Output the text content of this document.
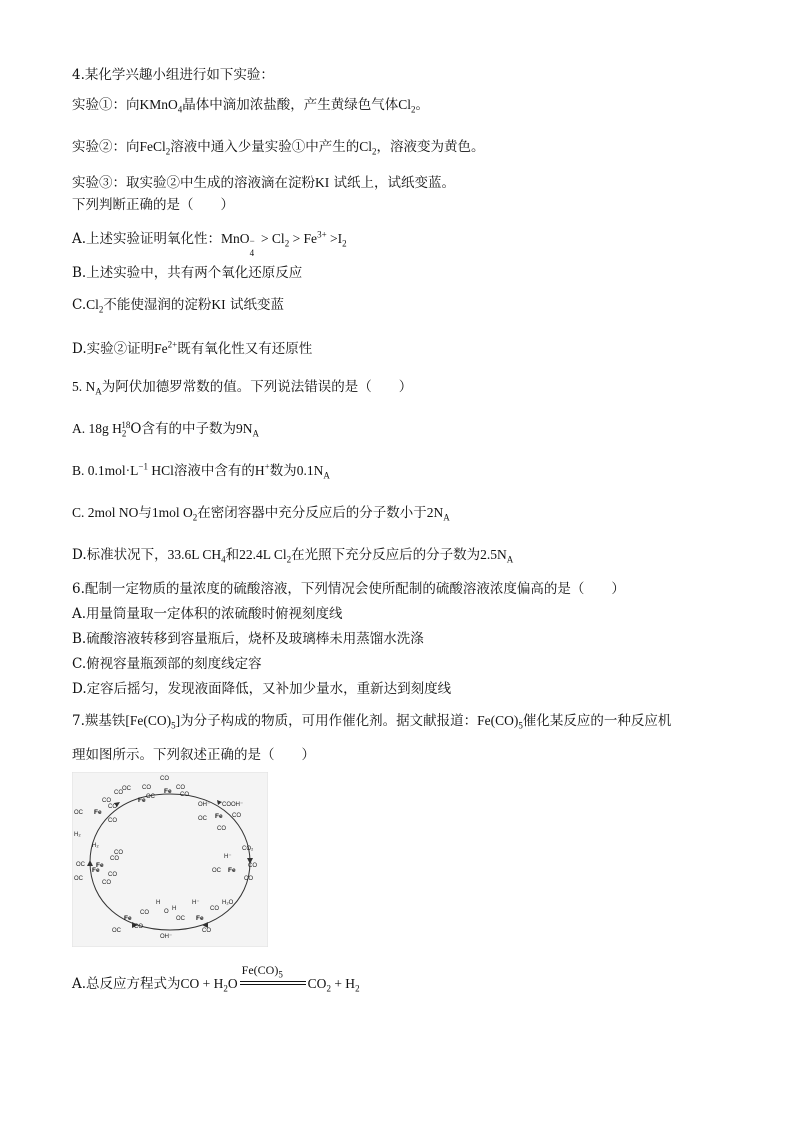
4.某化学兴趣小组进行如下实验：
实验①：向KMnO$_4$晶体中滴加浓盐酸，产生黄绿色气体$Cl_2$。
实验②：向FeCl$_2$溶液中通入少量实验①中产生的$Cl_2$，溶液变为黄色。
实验③：取实验②中生成的溶液滴在淀粉KI 试纸上，试纸变蓝。
下列判断正确的是（　　）
A.上述实验证明氧化性：MnO −
4
> $Cl_2 > Fe^{3+} >I_2$
B.上述实验中，共有两个氧化还原反应
$C.Cl_2$不能使湿润的淀粉KI 试纸变蓝
D.实验②证明$Fe^{2+}$既有氧化性又有还原性
5. $N_A$为阿伏加德罗常数的值。下列说法错误的是（　　）
A. 18g $H_2^{18}O$含有的中子数为$9N_A$
B. $0.1mol\cdot L^{-1}$ HCl溶液中含有的H+数为$0.1N_A$
C. 2mol NO与1mol $O_2$在密闭容器中充分反应后的分子数小于$2N_A$
D.标准状况下，33.6L $CH_4$和22.4L $Cl_2$在光照下充分反应后的分子数为$2.5N_A$
6.配制一定物质的量浓度的硫酸溶液，下列情况会使所配制的硫酸溶液浓度偏高的是（　　）
A.用量筒量取一定体积的浓硫酸时俯视刻度线
B.硫酸溶液转移到容量瓶后，烧杯及玻璃棒未用蒸馏水洗涤
C.俯视容量瓶颈部的刻度线定容
D.定容后摇匀，发现液面降低，又补加少量水，重新达到刻度线
7.羰基铁$[Fe(CO)_5]$为分子构成的物质，可用作催化剂。据文献报道：$Fe(CO)_5$催化某反应的一种反应机
理如图所示。下列叙述正确的是（　　）
CO
CO	CO
OC
Fe CO
OC Fe
CO
CO
OH⁻ COOH⁻
OC Fe CO
CO
CO₂
H⁻
OC Fe
CO
CO
H₂O
H⁻
OC Fe
CO
CO
OH⁻
H
O H
Fe
OC
CO
CO
OC Fe
CO
CO
H₂
H₂
OC
Fe
CO
CO
OC
Fe
CO
CO
A.总反应方程式为CO + $H_2O$
$Fe(CO)_5$
$CO_2 + H_2$
